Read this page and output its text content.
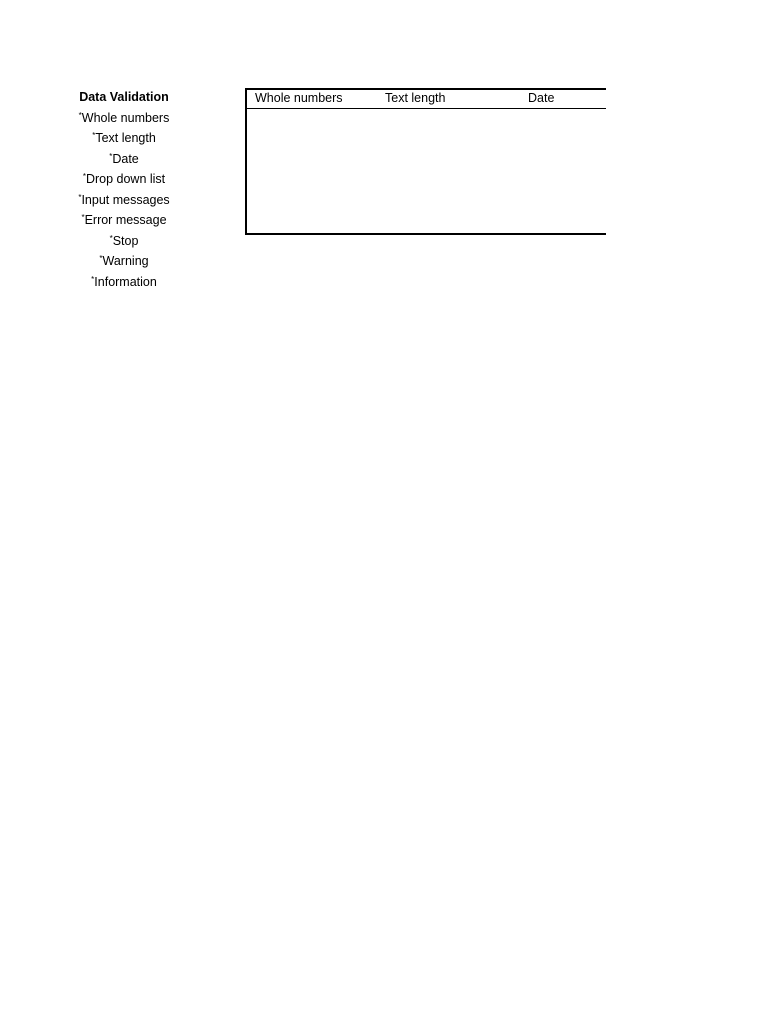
Data Validation
*Whole numbers
*Text length
*Date
*Drop down list
*Input messages
*Error message
*Stop
*Warning
*Information
Whole numbers	Text length	Date
